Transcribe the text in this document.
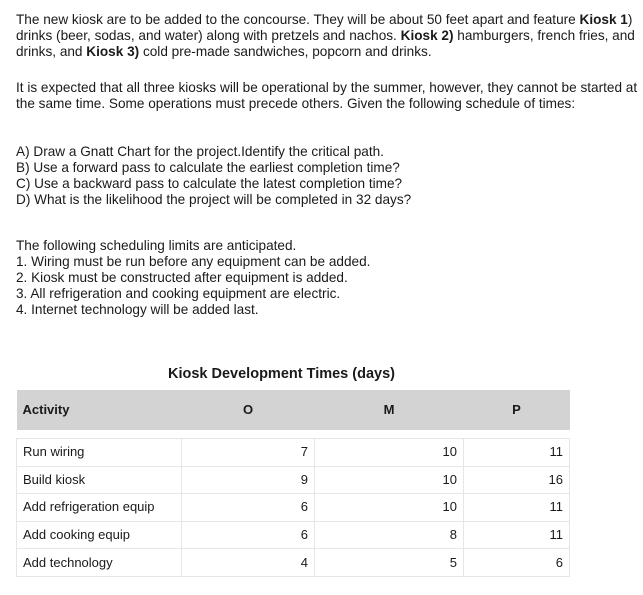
The new kiosk are to be added to the concourse. They will be about 50 feet apart and feature Kiosk 1) drinks (beer, sodas, and water) along with pretzels and nachos. Kiosk 2) hamburgers, french fries, and drinks, and Kiosk 3) cold pre-made sandwiches, popcorn and drinks.

It is expected that all three kiosks will be operational by the summer, however, they cannot be started at the same time. Some operations must precede others. Given the following schedule of times:

A) Draw a Gnatt Chart for the project.Identify the critical path.
B) Use a forward pass to calculate the earliest completion time?
C) Use a backward pass to calculate the latest completion time?
D) What is the likelihood the project will be completed in 32 days?

The following scheduling limits are anticipated.

1. Wiring must be run before any equipment can be added.
2. Kiosk must be constructed after equipment is added.
3. All refrigeration and cooking equipment are electric.
4. Internet technology will be added last.

Kiosk Development Times (days)

Activity	O	M	P

Run wiring	7	10	11
Build kiosk	9	10	16
Add refrigeration equip	6	10	11
Add cooking equip	6	8	11
Add technology	4	5	6
